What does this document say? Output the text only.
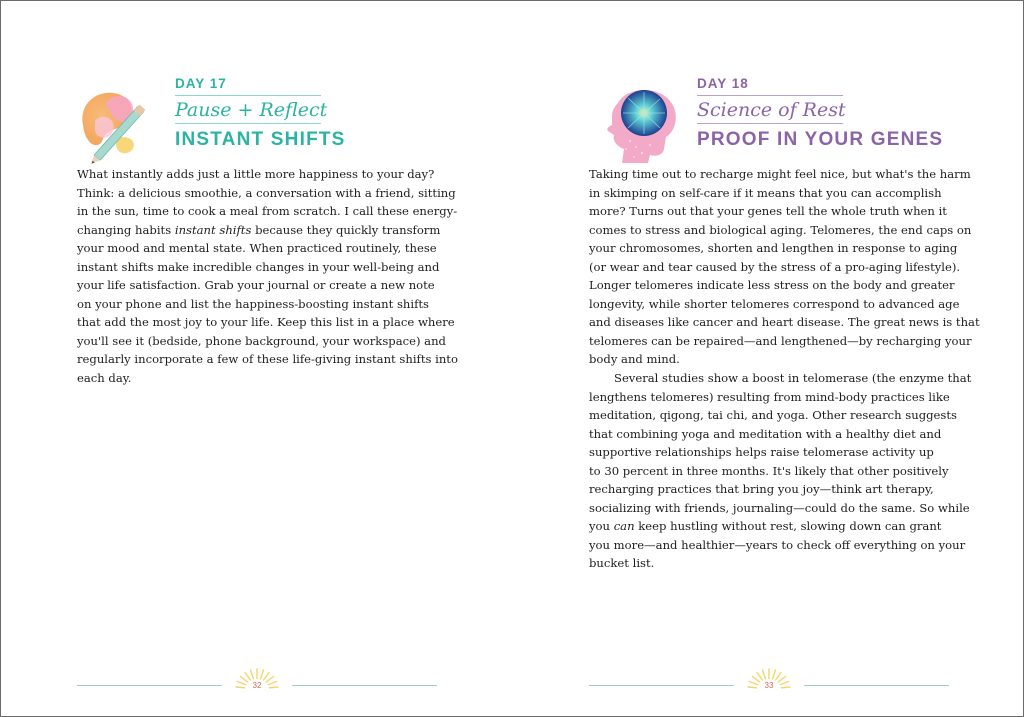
DAY 17
Pause + Reflect
INSTANT SHIFTS

What instantly adds just a little more happiness to your day?
Think: a delicious smoothie, a conversation with a friend, sitting
in the sun, time to cook a meal from scratch. I call these energy-
changing habits instant shifts because they quickly transform
your mood and mental state. When practiced routinely, these
instant shifts make incredible changes in your well-being and
your life satisfaction. Grab your journal or create a new note
on your phone and list the happiness-boosting instant shifts
that add the most joy to your life. Keep this list in a place where
you'll see it (bedside, phone background, your workspace) and
regularly incorporate a few of these life-giving instant shifts into
each day.

32
DAY 18
Science of Rest
PROOF IN YOUR GENES

Taking time out to recharge might feel nice, but what's the harm
in skimping on self-care if it means that you can accomplish
more? Turns out that your genes tell the whole truth when it
comes to stress and biological aging. Telomeres, the end caps on
your chromosomes, shorten and lengthen in response to aging
(or wear and tear caused by the stress of a pro-aging lifestyle).
Longer telomeres indicate less stress on the body and greater
longevity, while shorter telomeres correspond to advanced age
and diseases like cancer and heart disease. The great news is that
telomeres can be repaired—and lengthened—by recharging your
body and mind.

Several studies show a boost in telomerase (the enzyme that
lengthens telomeres) resulting from mind-body practices like
meditation, qigong, tai chi, and yoga. Other research suggests
that combining yoga and meditation with a healthy diet and
supportive relationships helps raise telomerase activity up
to 30 percent in three months. It's likely that other positively
recharging practices that bring you joy—think art therapy,
socializing with friends, journaling—could do the same. So while
you can keep hustling without rest, slowing down can grant
you more—and healthier—years to check off everything on your
bucket list.

33
